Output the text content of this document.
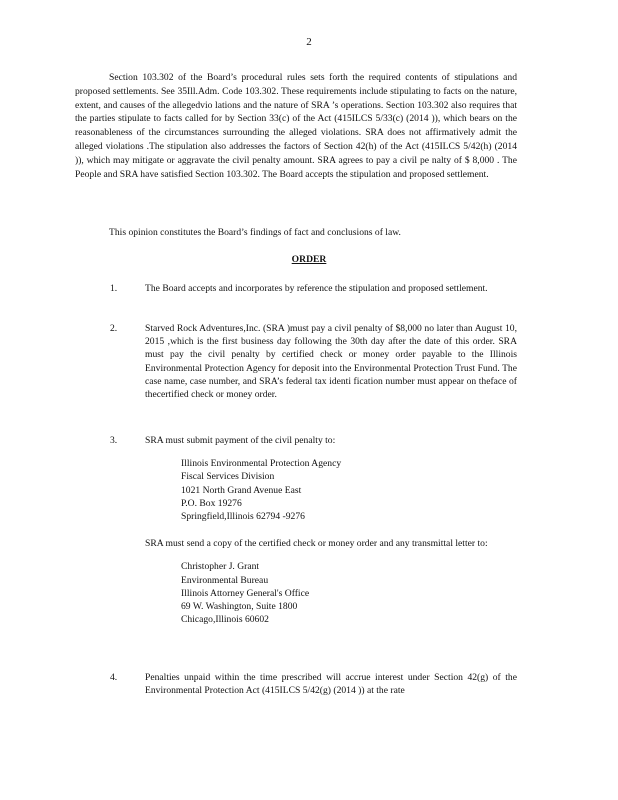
2

Section 103.302 of the Board’s procedural rules sets forth the required contents of stipulations and proposed settlements. See 35Ill.Adm. Code 103.302. These requirements include stipulating to facts on the nature, extent, and causes of the allegedvio lations and the nature of SRA ’s operations. Section 103.302 also requires that the parties stipulate to facts called for by Section 33(c) of the Act (415ILCS 5/33(c) (2014 )), which bears on the reasonableness of the circumstances surrounding the alleged violations. SRA does not affirmatively admit the alleged violations .The stipulation also addresses the factors of Section 42(h) of the Act (415ILCS 5/42(h) (2014 )), which may mitigate or aggravate the civil penalty amount. SRA agrees to pay a civil pe nalty of $ 8,000 . The People and SRA have satisfied Section 103.302. The Board accepts the stipulation and proposed settlement.

This opinion constitutes the Board’s findings of fact and conclusions of law.

ORDER
1.	The Board accepts and incorporates by reference the stipulation and proposed settlement.
2.	Starved Rock Adventures,Inc. (SRA )must pay a civil penalty of $8,000 no later than August 10, 2015 ,which is the first business day following the 30th day after the date of this order. SRA must pay the civil penalty by certified check or money order payable to the Illinois Environmental Protection Agency for deposit into the Environmental Protection Trust Fund. The case name, case number, and SRA’s federal tax identi fication number must appear on theface of thecertified check or money order.
3.	SRA must submit payment of the civil penalty to:
Illinois Environmental Protection Agency
Fiscal Services Division
1021 North Grand Avenue East
P.O. Box 19276
Springfield,Illinois 62794 -9276
SRA must send a copy of the certified check or money order and any transmittal letter to:
Christopher J. Grant
Environmental Bureau
Illinois Attorney General's Office
69 W. Washington, Suite 1800
Chicago,Illinois 60602
4.	Penalties unpaid within the time prescribed will accrue interest under Section 42(g) of the Environmental Protection Act (415ILCS 5/42(g) (2014 )) at the rate
